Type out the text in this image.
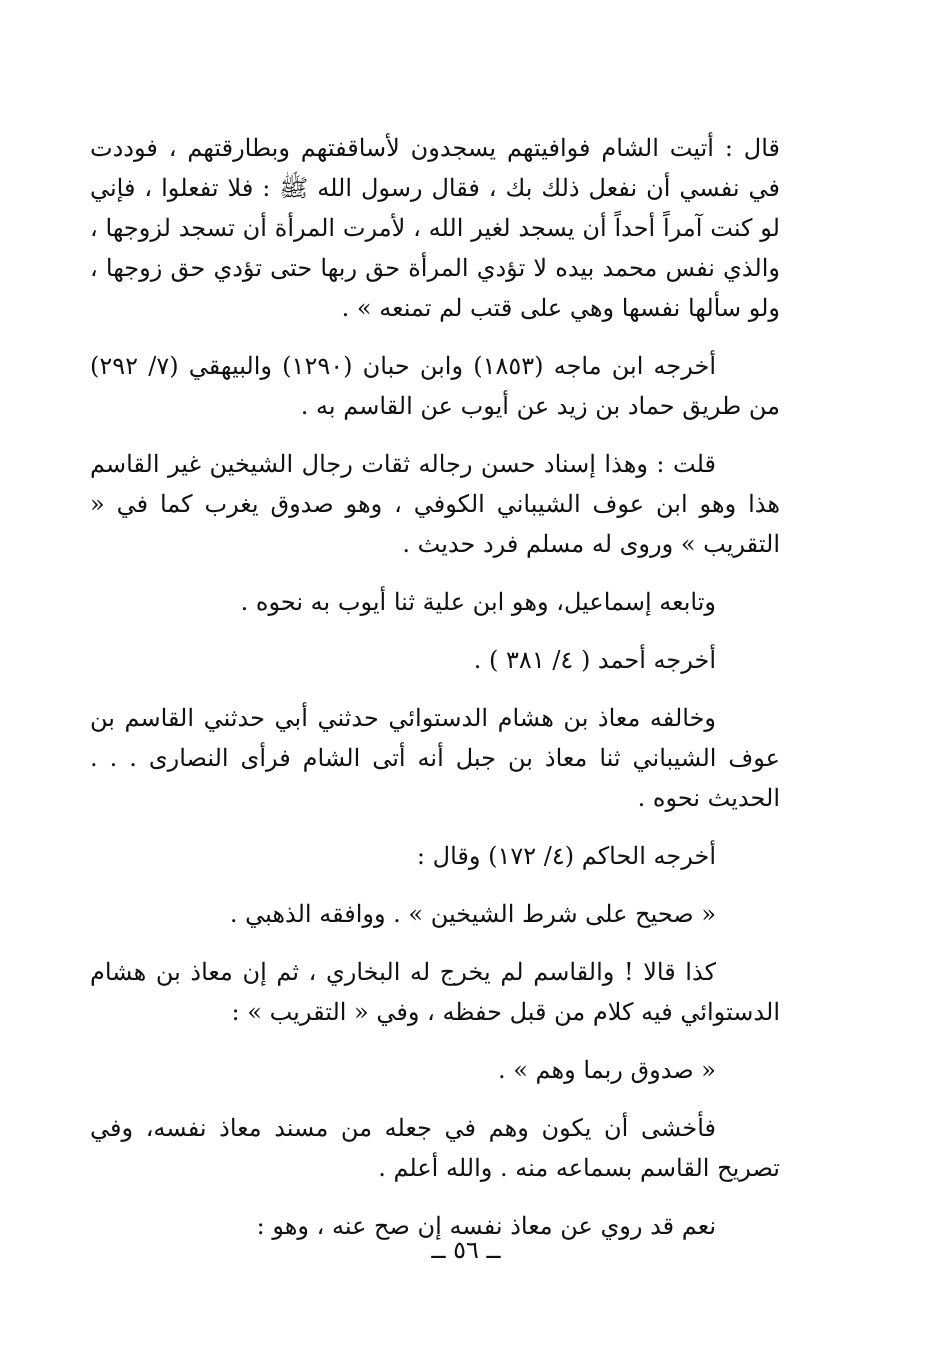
قال : أتيت الشام فوافيتهم يسجدون لأساقفتهم وبطارقتهم ، فوددت في نفسي أن نفعل ذلك بك ، فقال رسول الله ﷺ : فلا تفعلوا ، فإني لو كنت آمراً أحداً أن يسجد لغير الله ، لأمرت المرأة أن تسجد لزوجها ، والذي نفس محمد بيده لا تؤدي المرأة حق ربها حتى تؤدي حق زوجها ، ولو سألها نفسها وهي على قتب لم تمنعه » .

أخرجه ابن ماجه (١٨٥٣) وابن حبان (١٢٩٠) والبيهقي (٧/ ٢٩٢) من طريق حماد بن زيد عن أيوب عن القاسم به .

قلت : وهذا إسناد حسن رجاله ثقات رجال الشيخين غير القاسم هذا وهو ابن عوف الشيباني الكوفي ، وهو صدوق يغرب كما في « التقريب » وروى له مسلم فرد حديث .

وتابعه إسماعيل، وهو ابن علية ثنا أيوب به نحوه .

أخرجه أحمد ( ٤/ ٣٨١ ) .

وخالفه معاذ بن هشام الدستوائي حدثني أبي حدثني القاسم بن عوف الشيباني ثنا معاذ بن جبل أنه أتى الشام فرأى النصارى . . . الحديث نحوه .

أخرجه الحاكم (٤/ ١٧٢) وقال :

« صحيح على شرط الشيخين » . ووافقه الذهبي .

كذا قالا ! والقاسم لم يخرج له البخاري ، ثم إن معاذ بن هشام الدستوائي فيه كلام من قبل حفظه ، وفي « التقريب » :

« صدوق ربما وهم » .

فأخشى أن يكون وهم في جعله من مسند معاذ نفسه، وفي تصريح القاسم بسماعه منه . والله أعلم .

نعم قد روي عن معاذ نفسه إن صح عنه ، وهو :

ــ ٥٦ ــ
